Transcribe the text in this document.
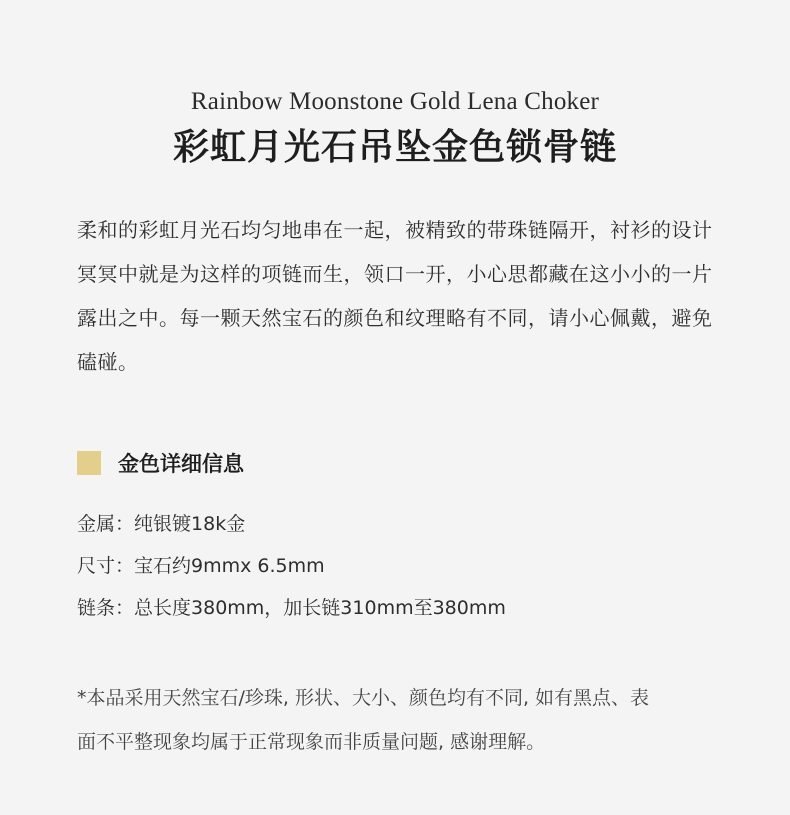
Rainbow Moonstone Gold Lena Choker
彩虹月光石吊坠金色锁骨链

柔和的彩虹月光石均匀地串在一起，被精致的带珠链隔开，衬衫的设计冥冥中就是为这样的项链而生，领口一开，小心思都藏在这小小的一片露出之中。每一颗天然宝石的颜色和纹理略有不同，请小心佩戴，避免磕碰。

金色详细信息
金属：纯银镀18k金
尺寸：宝石约9mmx 6.5mm
链条：总长度380mm，加长链310mm至380mm
*本品采用天然宝石/珍珠, 形状、大小、颜色均有不同, 如有黑点、表
面不平整现象均属于正常现象而非质量问题, 感谢理解。
